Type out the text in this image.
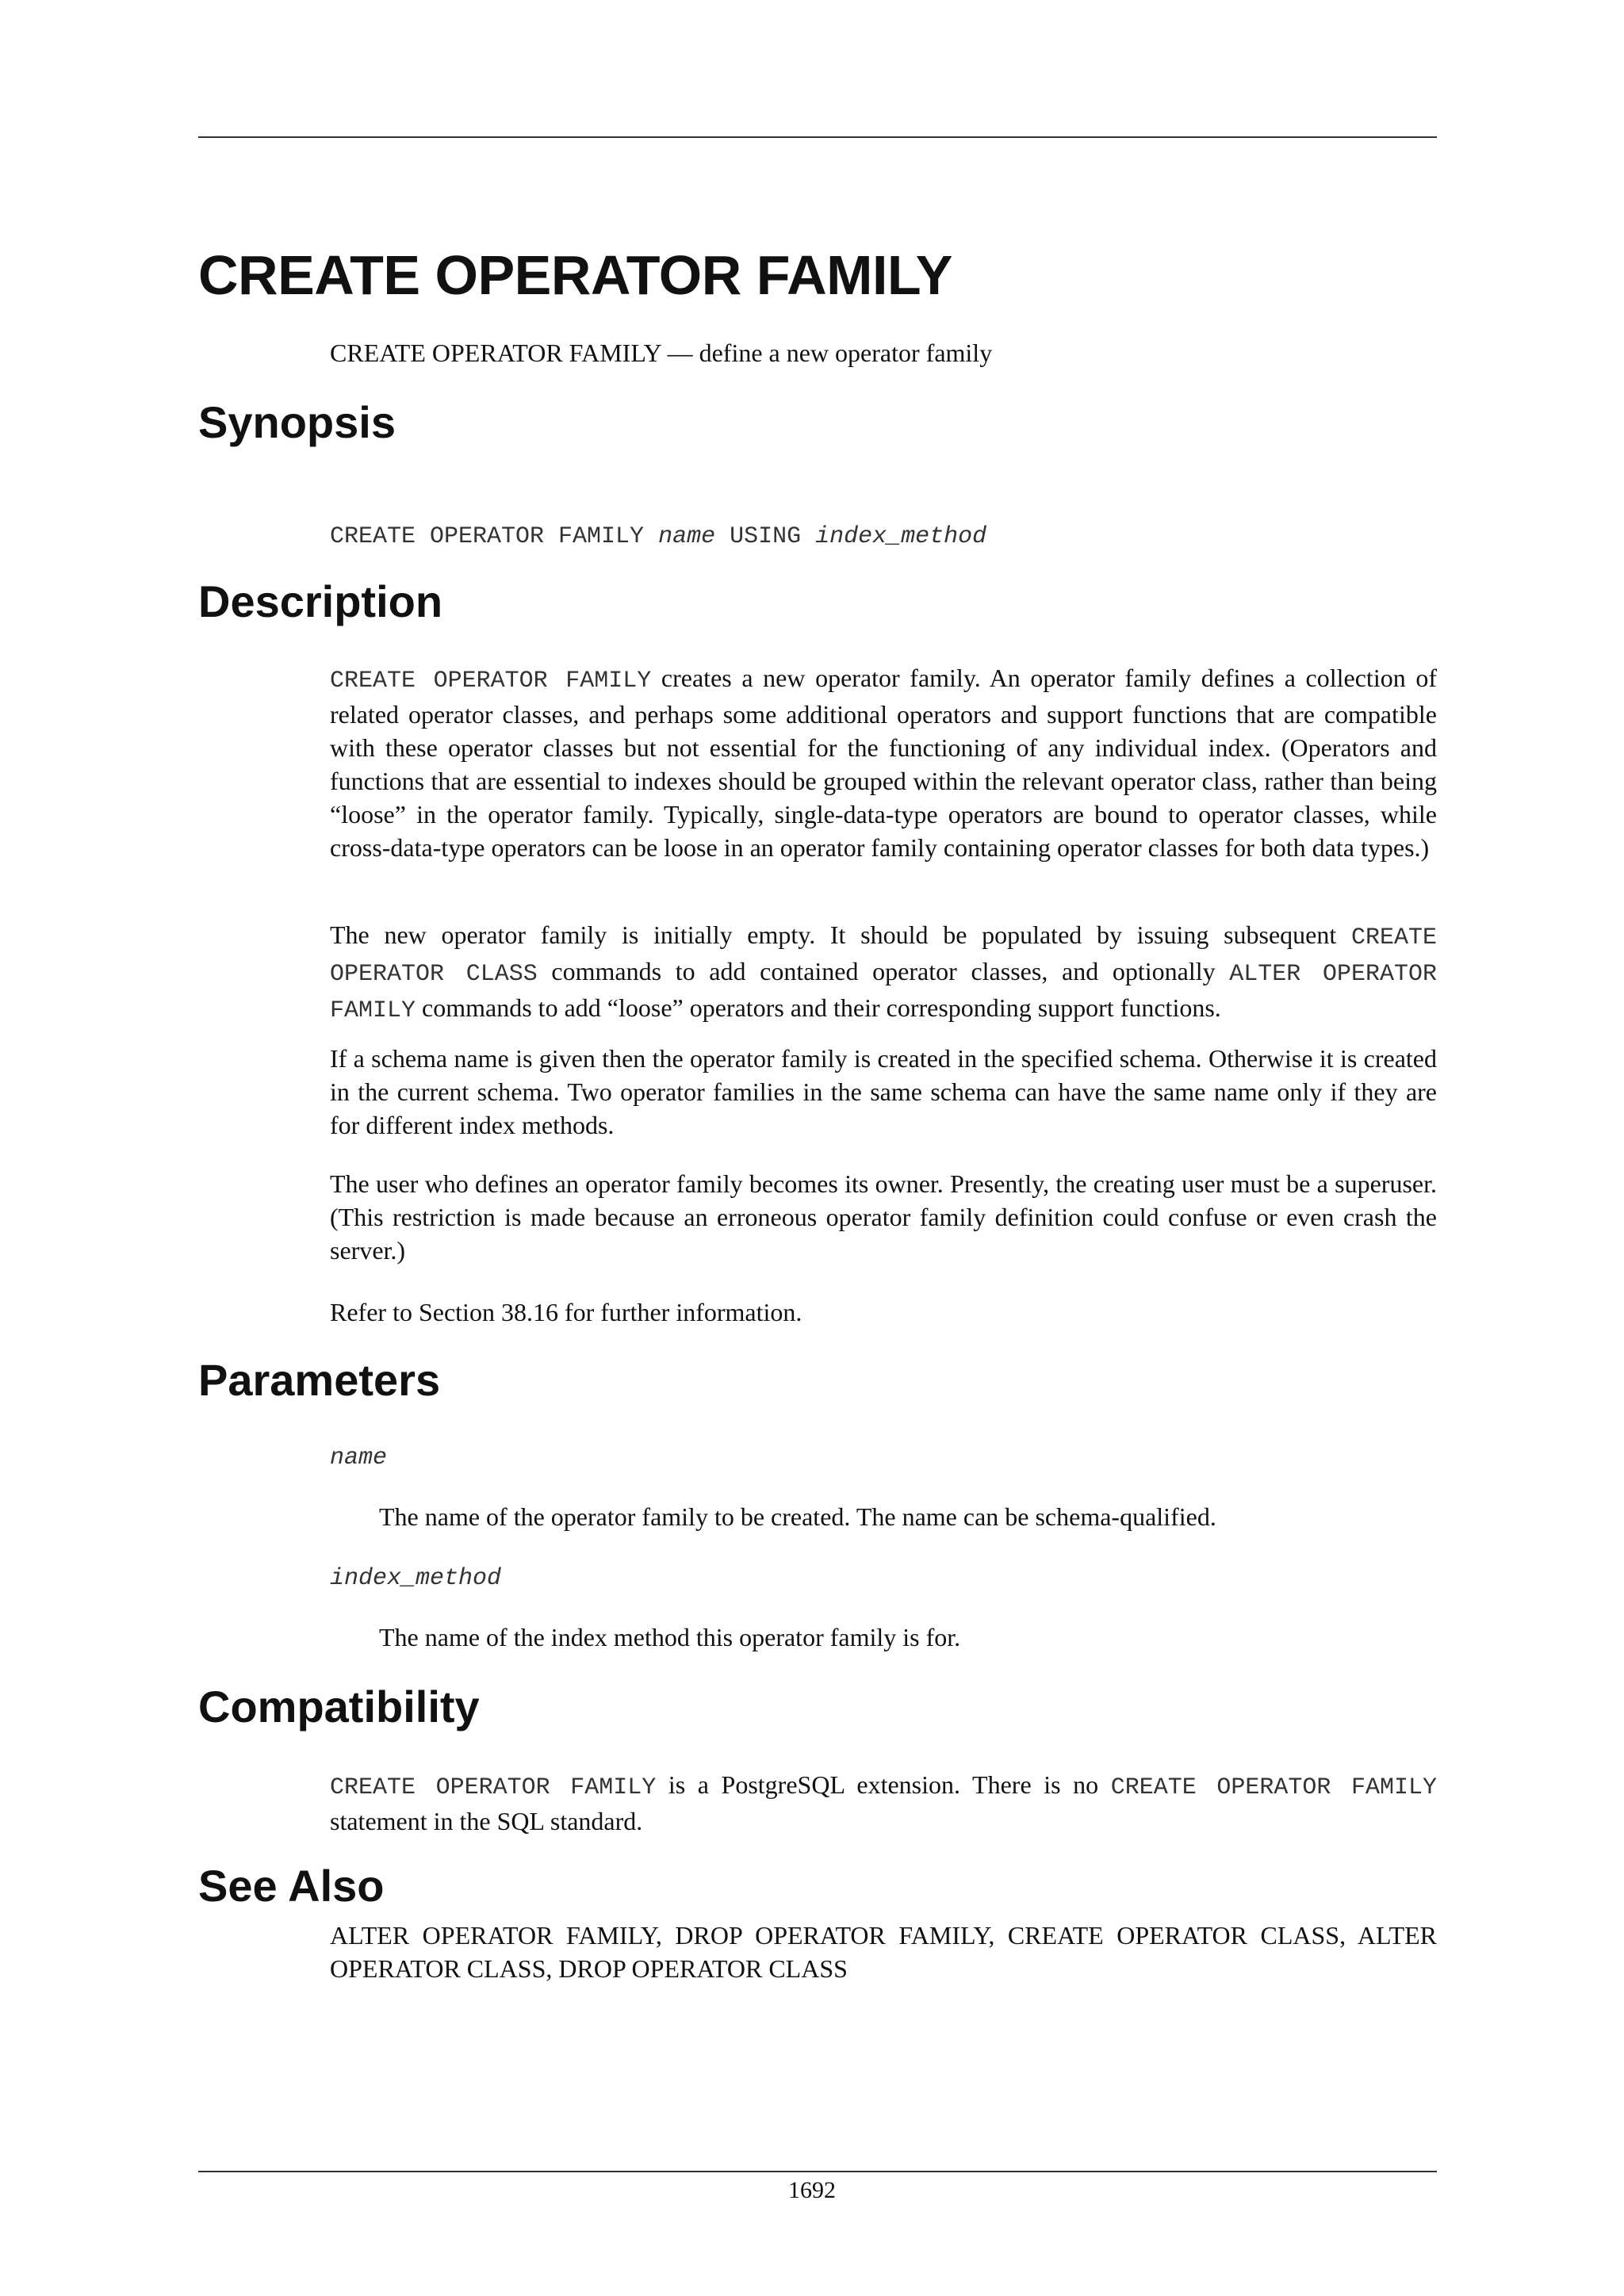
CREATE OPERATOR FAMILY

CREATE OPERATOR FAMILY — define a new operator family

Synopsis

CREATE OPERATOR FAMILY name USING index_method

Description

CREATE OPERATOR FAMILY creates a new operator family. An operator family defines a collection of related operator classes, and perhaps some additional operators and support functions that are compatible with these operator classes but not essential for the functioning of any individual index. (Operators and functions that are essential to indexes should be grouped within the relevant operator class, rather than being “loose” in the operator family. Typically, single-data-type operators are bound to operator classes, while cross-data-type operators can be loose in an operator family containing operator classes for both data types.)

The new operator family is initially empty. It should be populated by issuing subsequent CREATE OPERATOR CLASS commands to add contained operator classes, and optionally ALTER OPERATOR FAMILY commands to add “loose” operators and their corresponding support functions.

If a schema name is given then the operator family is created in the specified schema. Otherwise it is created in the current schema. Two operator families in the same schema can have the same name only if they are for different index methods.

The user who defines an operator family becomes its owner. Presently, the creating user must be a superuser. (This restriction is made because an erroneous operator family definition could confuse or even crash the server.)

Refer to Section 38.16 for further information.

Parameters

name

The name of the operator family to be created. The name can be schema-qualified.

index_method

The name of the index method this operator family is for.

Compatibility

CREATE OPERATOR FAMILY is a PostgreSQL extension. There is no CREATE OPERATOR FAMILY statement in the SQL standard.

See Also

ALTER OPERATOR FAMILY, DROP OPERATOR FAMILY, CREATE OPERATOR CLASS, ALTER OPERATOR CLASS, DROP OPERATOR CLASS

1692
